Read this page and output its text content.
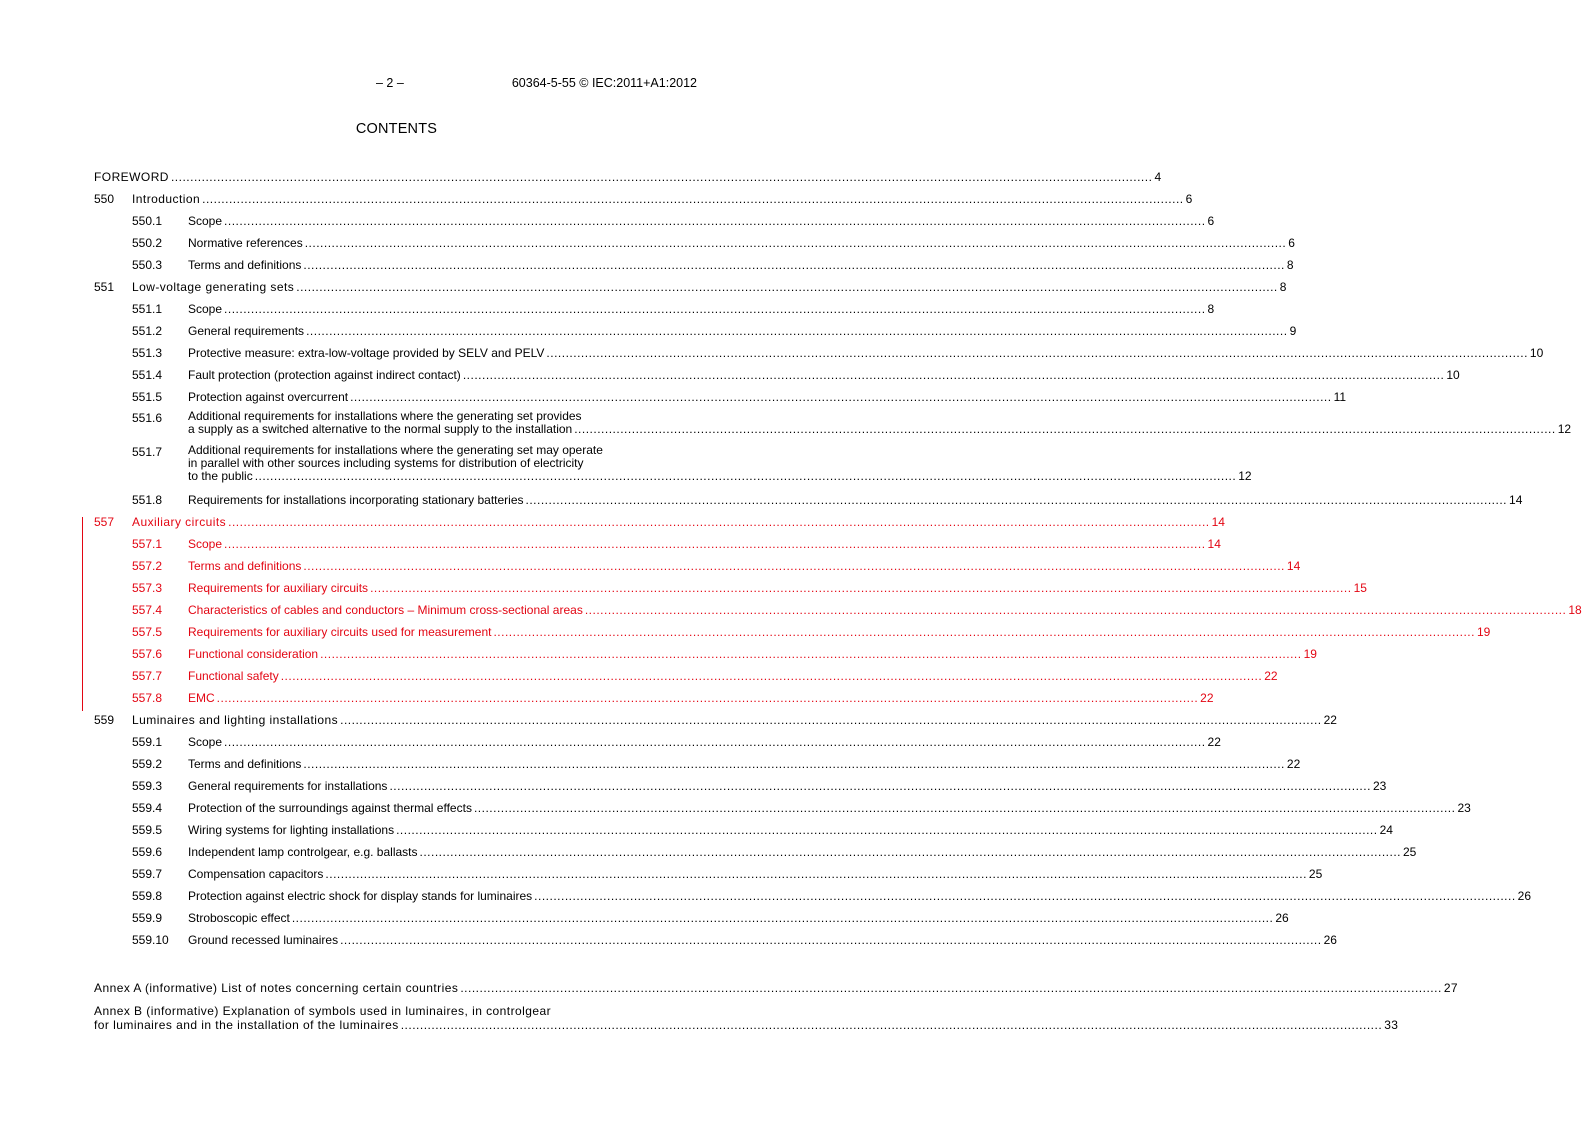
– 2 –	60364-5-55 © IEC:2011+A1:2012
CONTENTS
FOREWORD .....	4
550	Introduction .....	6
550.1	Scope .....	6
550.2	Normative references .....	6
550.3	Terms and definitions .....	8
551	Low-voltage generating sets .....	8
551.1	Scope .....	8
551.2	General requirements .....	9
551.3	Protective measure: extra-low-voltage provided by SELV and PELV .....	10
551.4	Fault protection (protection against indirect contact) .....	10
551.5	Protection against overcurrent .....	11
551.6	Additional requirements for installations where the generating set provides
a supply as a switched alternative to the normal supply to the installation .....	12
551.7	Additional requirements for installations where the generating set may operate
in parallel with other sources including systems for distribution of electricity
to the public .....	12
551.8	Requirements for installations incorporating stationary batteries .....	14
557	Auxiliary circuits .....	14
557.1	Scope .....	14
557.2	Terms and definitions .....	14
557.3	Requirements for auxiliary circuits .....	15
557.4	Characteristics of cables and conductors – Minimum cross-sectional areas .....	18
557.5	Requirements for auxiliary circuits used for measurement .....	19
557.6	Functional consideration .....	19
557.7	Functional safety .....	22
557.8	EMC .....	22
559	Luminaires and lighting installations .....	22
559.1	Scope .....	22
559.2	Terms and definitions .....	22
559.3	General requirements for installations .....	23
559.4	Protection of the surroundings against thermal effects .....	23
559.5	Wiring systems for lighting installations .....	24
559.6	Independent lamp controlgear, e.g. ballasts .....	25
559.7	Compensation capacitors .....	25
559.8	Protection against electric shock for display stands for luminaires .....	26
559.9	Stroboscopic effect .....	26
559.10	Ground recessed luminaires .....	26
Annex A (informative) List of notes concerning certain countries .....	27
Annex B (informative) Explanation of symbols used in luminaires, in controlgear
for luminaires and in the installation of the luminaires .....	33
